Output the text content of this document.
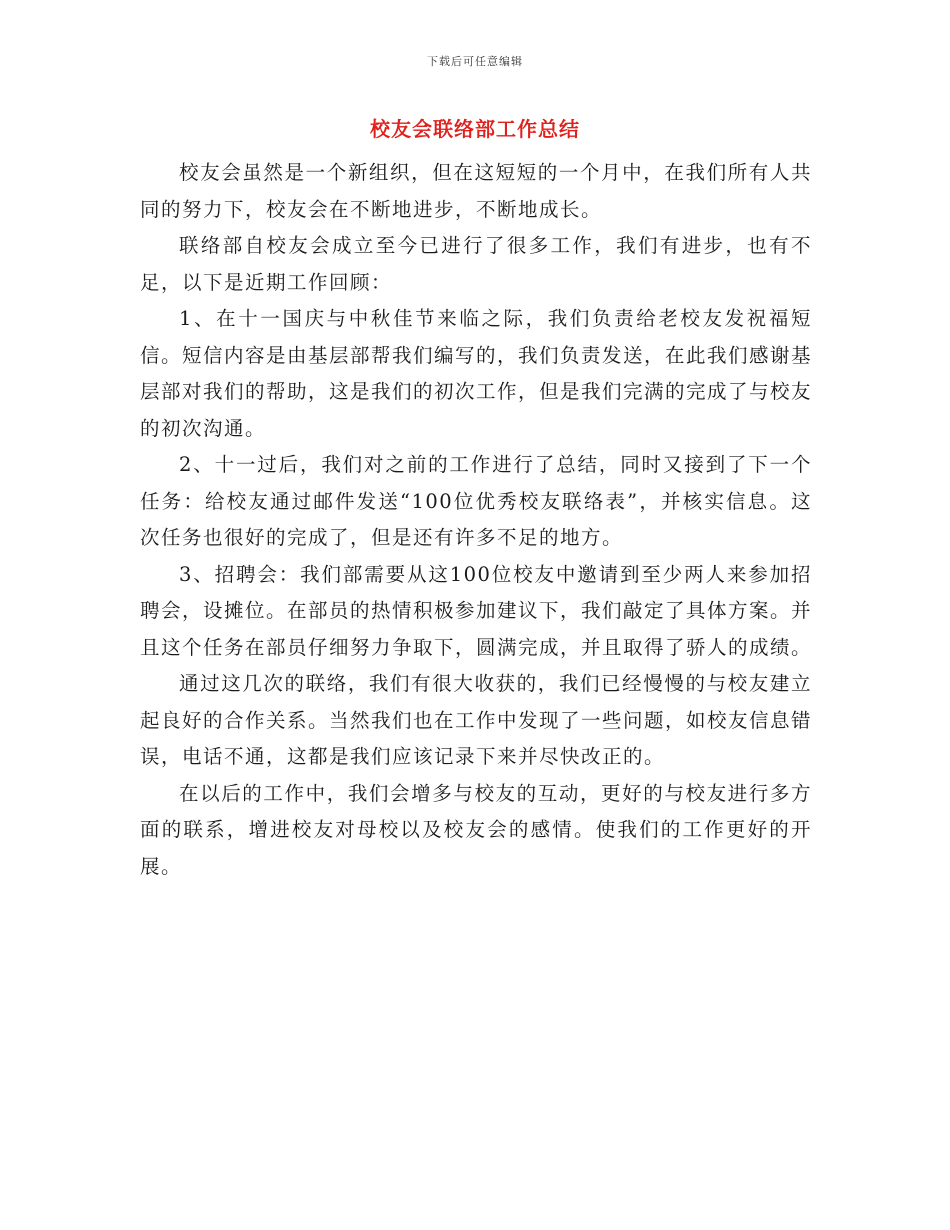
下载后可任意编辑
校友会联络部工作总结

校友会虽然是一个新组织，但在这短短的一个月中，在我们所有人共同的努力下，校友会在不断地进步，不断地成长。

联络部自校友会成立至今已进行了很多工作，我们有进步，也有不足，以下是近期工作回顾：

1、在十一国庆与中秋佳节来临之际，我们负责给老校友发祝福短信。短信内容是由基层部帮我们编写的，我们负责发送，在此我们感谢基层部对我们的帮助，这是我们的初次工作，但是我们完满的完成了与校友的初次沟通。

2、十一过后，我们对之前的工作进行了总结，同时又接到了下一个任务：给校友通过邮件发送“100位优秀校友联络表”，并核实信息。这次任务也很好的完成了，但是还有许多不足的地方。

3、招聘会：我们部需要从这100位校友中邀请到至少两人来参加招聘会，设摊位。在部员的热情积极参加建议下，我们敲定了具体方案。并且这个任务在部员仔细努力争取下，圆满完成，并且取得了骄人的成绩。

通过这几次的联络，我们有很大收获的，我们已经慢慢的与校友建立起良好的合作关系。当然我们也在工作中发现了一些问题，如校友信息错误，电话不通，这都是我们应该记录下来并尽快改正的。

在以后的工作中，我们会增多与校友的互动，更好的与校友进行多方面的联系，增进校友对母校以及校友会的感情。使我们的工作更好的开展。
